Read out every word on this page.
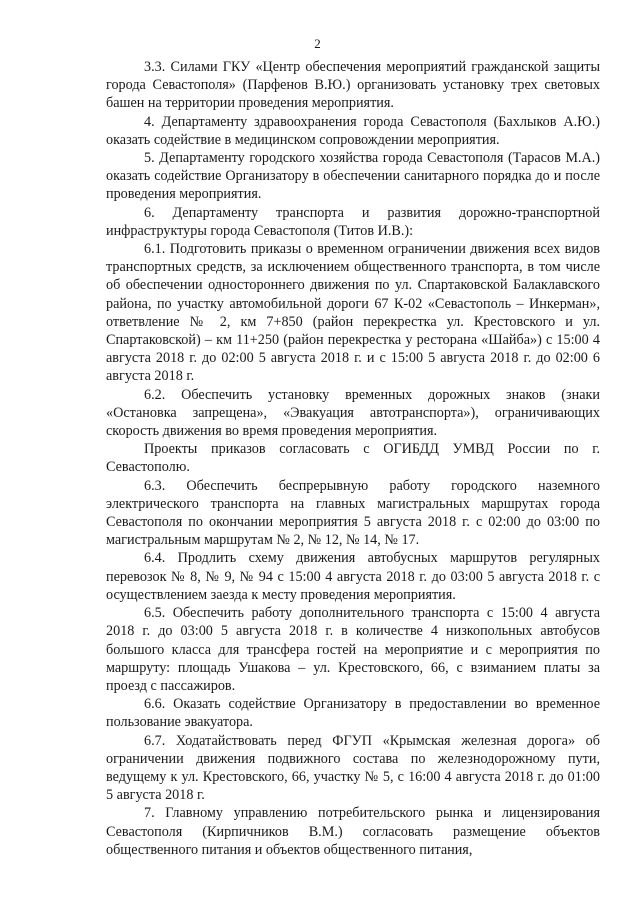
2

3.3. Силами ГКУ «Центр обеспечения мероприятий гражданской защиты города Севастополя» (Парфенов В.Ю.) организовать установку трех световых башен на территории проведения мероприятия.

4. Департаменту здравоохранения города Севастополя (Бахлыков А.Ю.) оказать содействие в медицинском сопровождении мероприятия.

5. Департаменту городского хозяйства города Севастополя (Тарасов М.А.) оказать содействие Организатору в обеспечении санитарного порядка до и после проведения мероприятия.

6. Департаменту транспорта и развития дорожно-транспортной инфраструктуры города Севастополя (Титов И.В.):

6.1. Подготовить приказы о временном ограничении движения всех видов транспортных средств, за исключением общественного транспорта, в том числе об обеспечении одностороннего движения по ул. Спартаковской Балаклавского района, по участку автомобильной дороги 67 К-02 «Севастополь – Инкерман», ответвление № 2, км 7+850 (район перекрестка ул. Крестовского и ул. Спартаковской) – км 11+250 (район перекрестка у ресторана «Шайба») с 15:00 4 августа 2018 г. до 02:00 5 августа 2018 г. и с 15:00 5 августа 2018 г. до 02:00 6 августа 2018 г.

6.2. Обеспечить установку временных дорожных знаков (знаки «Остановка запрещена», «Эвакуация автотранспорта»), ограничивающих скорость движения во время проведения мероприятия.

Проекты приказов согласовать с ОГИБДД УМВД России по г. Севастополю.

6.3. Обеспечить беспрерывную работу городского наземного электрического транспорта на главных магистральных маршрутах города Севастополя по окончании мероприятия 5 августа 2018 г. с 02:00 до 03:00 по магистральным маршрутам № 2, № 12, № 14, № 17.

6.4. Продлить схему движения автобусных маршрутов регулярных перевозок № 8, № 9, № 94 с 15:00 4 августа 2018 г. до 03:00 5 августа 2018 г. с осуществлением заезда к месту проведения мероприятия.

6.5. Обеспечить работу дополнительного транспорта с 15:00 4 августа 2018 г. до 03:00 5 августа 2018 г. в количестве 4 низкопольных автобусов большого класса для трансфера гостей на мероприятие и с мероприятия по маршруту: площадь Ушакова – ул. Крестовского, 66, с взиманием платы за проезд с пассажиров.

6.6. Оказать содействие Организатору в предоставлении во временное пользование эвакуатора.

6.7. Ходатайствовать перед ФГУП «Крымская железная дорога» об ограничении движения подвижного состава по железнодорожному пути, ведущему к ул. Крестовского, 66, участку № 5, с 16:00 4 августа 2018 г. до 01:00 5 августа 2018 г.

7. Главному управлению потребительского рынка и лицензирования Севастополя (Кирпичников В.М.) согласовать размещение объектов общественного питания и объектов общественного питания,
